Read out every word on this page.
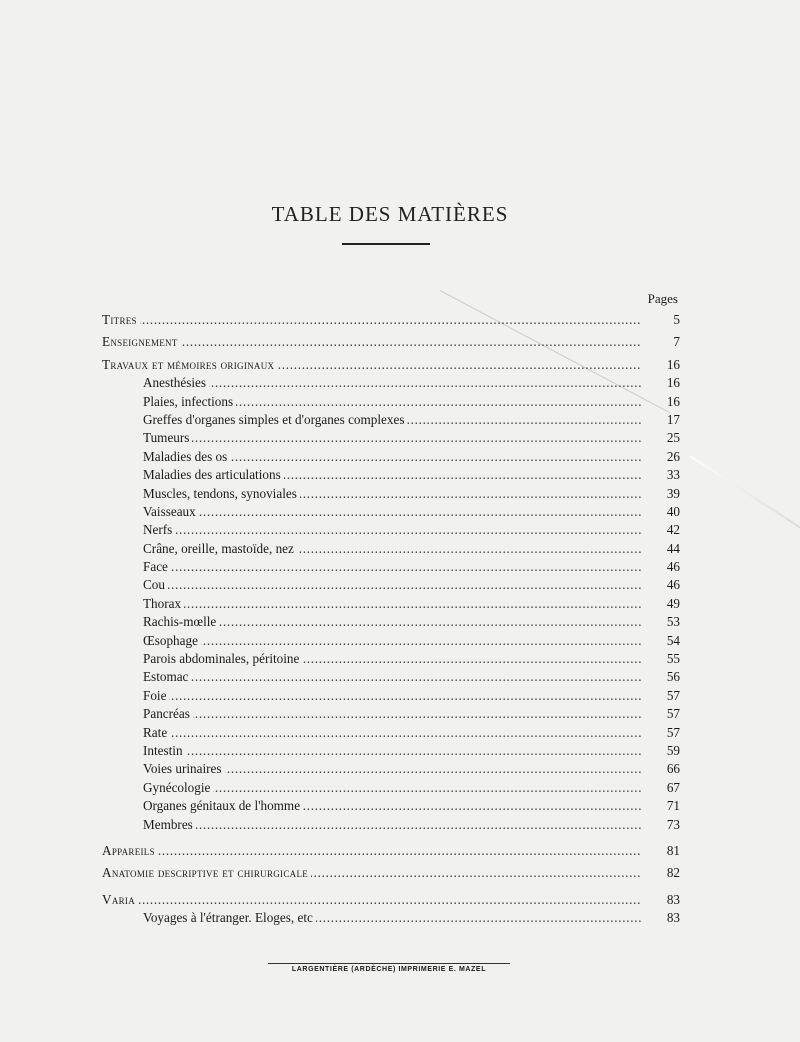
TABLE DES MATIÈRES
Pages
Titres . . .	5
Enseignement . . .	7
Travaux et mémoires originaux . . .	16
Anesthésies . . .	16
Plaies, infections . . .	16
Greffes d'organes simples et d'organes complexes . . .	17
Tumeurs . . .	25
Maladies des os . . .	26
Maladies des articulations . . .	33
Muscles, tendons, synoviales . . .	39
Vaisseaux . . .	40
Nerfs . . .	42
Crâne, oreille, mastoïde, nez . . .	44
Face . . .	46
Cou . . .	46
Thorax . . .	49
Rachis-mœlle . . .	53
Œsophage . . .	54
Parois abdominales, péritoine . . .	55
Estomac . . .	56
Foie . . .	57
Pancréas . . .	57
Rate . . .	57
Intestin . . .	59
Voies urinaires . . .	66
Gynécologie . . .	67
Organes génitaux de l'homme . . .	71
Membres . . .	73
Appareils . . .	81
Anatomie descriptive et chirurgicale . . .	82
Varia . . .	83
Voyages à l'étranger. Eloges, etc . . .	83
LARGENTIÈRE (ARDÈCHE) IMPRIMERIE E. MAZEL
